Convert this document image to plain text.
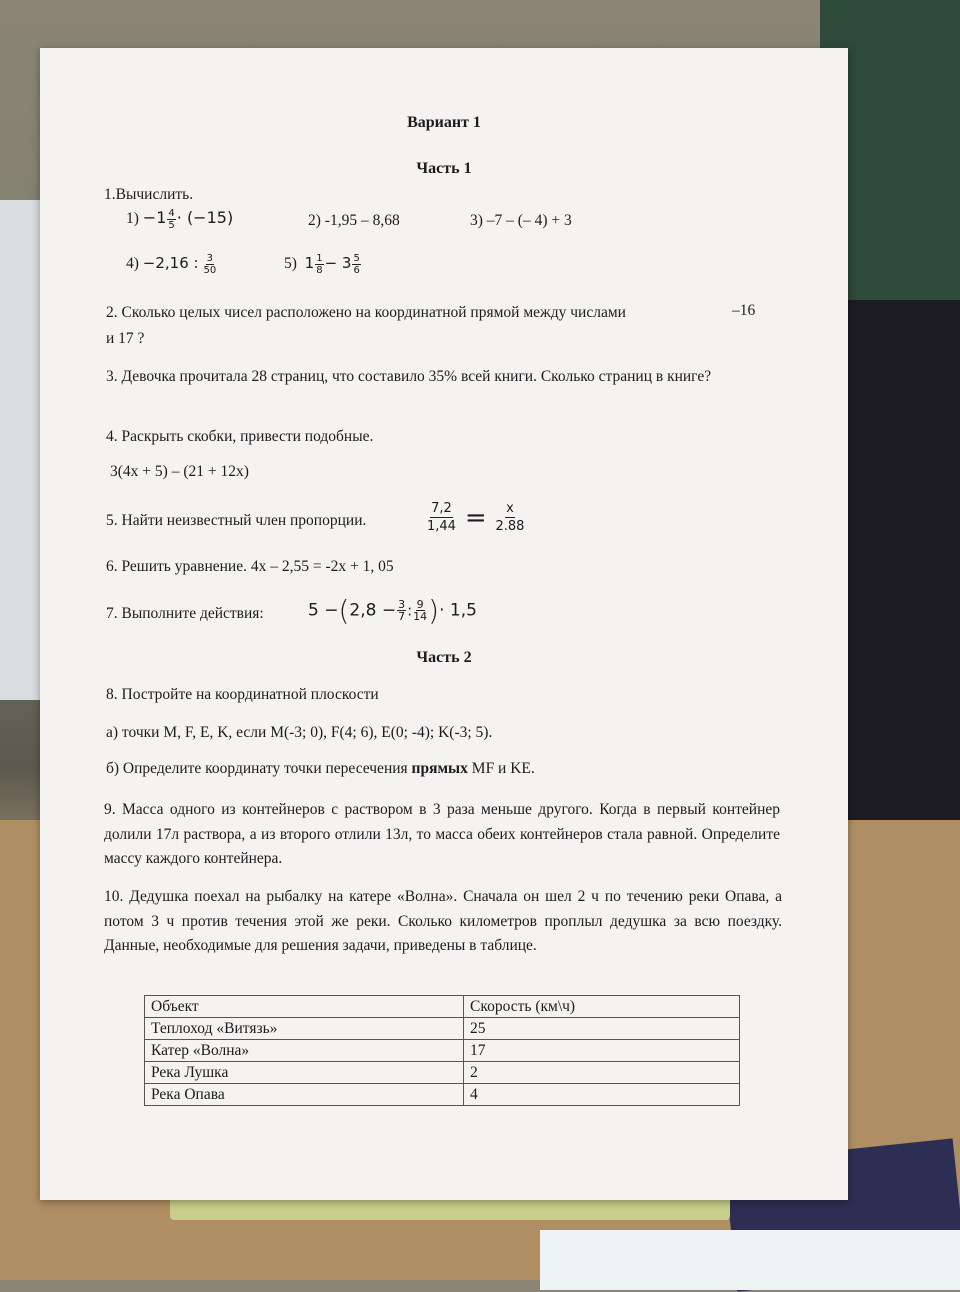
Вариант 1
Часть 1
1.Вычислить.
$1) -1 \frac{4}{5} \cdot (-15)$	2) -1,95 – 8,68	3) –7 – (– 4) + 3
4) −2,16 : $\frac{3}{50}$	5) $1 \frac{1}{8} - 3 \frac{5}{6}$
2. Сколько целых чисел расположено на координатной прямой между числами	–16
и 17 ?
3. Девочка прочитала 28 страниц, что составило 35% всей книги. Сколько страниц в книге?
4. Раскрыть скобки, привести подобные.
3(4x + 5) – (21 + 12x)
5. Найти неизвестный член пропорции.	$\frac{7,2}{1,44} = \frac{x}{2.88}$
6. Решить уравнение. 4x – 2,55 = -2x + 1, 05
7. Выполните действия:	$5 -(2,8 - \frac{3}{7}$ : $\frac{9}{14}$ )· 1,5
Часть 2
8. Постройте на координатной плоскости
а) точки M, F, E, K, если M(-3; 0), F(4; 6), E(0; -4); K(-3; 5).
б) Определите координату точки пересечения прямых MF и KE.
9. Масса одного из контейнеров с раствором в 3 раза меньше другого. Когда в первый контейнер долили 17л раствора, а из второго отлили 13л, то масса обеих контейнеров стала равной. Определите массу каждого контейнера.
10. Дедушка поехал на рыбалку на катере «Волна». Сначала он шел 2 ч по течению реки Опава, а потом 3 ч против течения этой же реки. Сколько километров проплыл дедушка за всю поездку. Данные, необходимые для решения задачи, приведены в таблице.
Объект	Скорость (км\ч)
Теплоход «Витязь»	25
Катер «Волна»	17
Река Лушка	2
Река Опава	4
